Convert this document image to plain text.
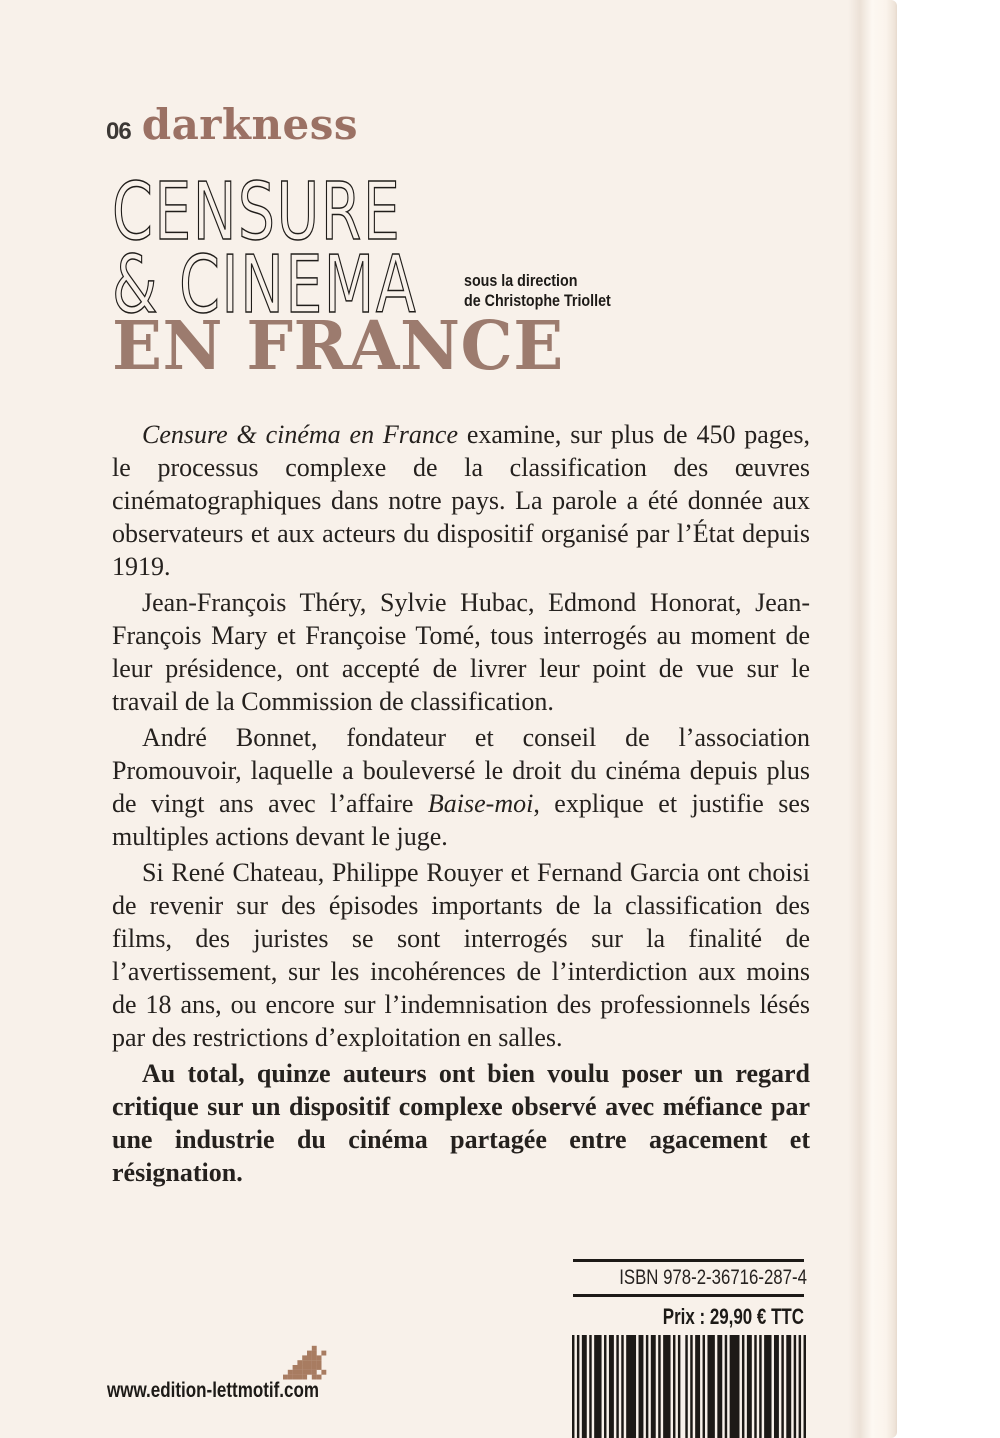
06 darkness
CENSURE
& CINEMA	sous la direction
de Christophe Triollet
EN FRANCE

Censure & cinéma en France examine, sur plus de 450 pages, le processus complexe de la classification des œuvres cinématographiques dans notre pays. La parole a été donnée aux observateurs et aux acteurs du dispositif organisé par l’État depuis 1919.

Jean-François Théry, Sylvie Hubac, Edmond Honorat, Jean-François Mary et Françoise Tomé, tous interrogés au moment de leur présidence, ont accepté de livrer leur point de vue sur le travail de la Commission de classification.

André Bonnet, fondateur et conseil de l’association Promouvoir, laquelle a bouleversé le droit du cinéma depuis plus de vingt ans avec l’affaire Baise-moi, explique et justifie ses multiples actions devant le juge.

Si René Chateau, Philippe Rouyer et Fernand Garcia ont choisi de revenir sur des épisodes importants de la classification des films, des juristes se sont interrogés sur la finalité de l’avertissement, sur les incohérences de l’interdiction aux moins de 18 ans, ou encore sur l’indemnisation des professionnels lésés par des restrictions d’exploitation en salles.

Au total, quinze auteurs ont bien voulu poser un regard critique sur un dispositif complexe observé avec méfiance par une industrie du cinéma partagée entre agacement et résignation.

ISBN 978-2-36716-287-4
Prix : 29,90 € TTC
www.edition-lettmotif.com
